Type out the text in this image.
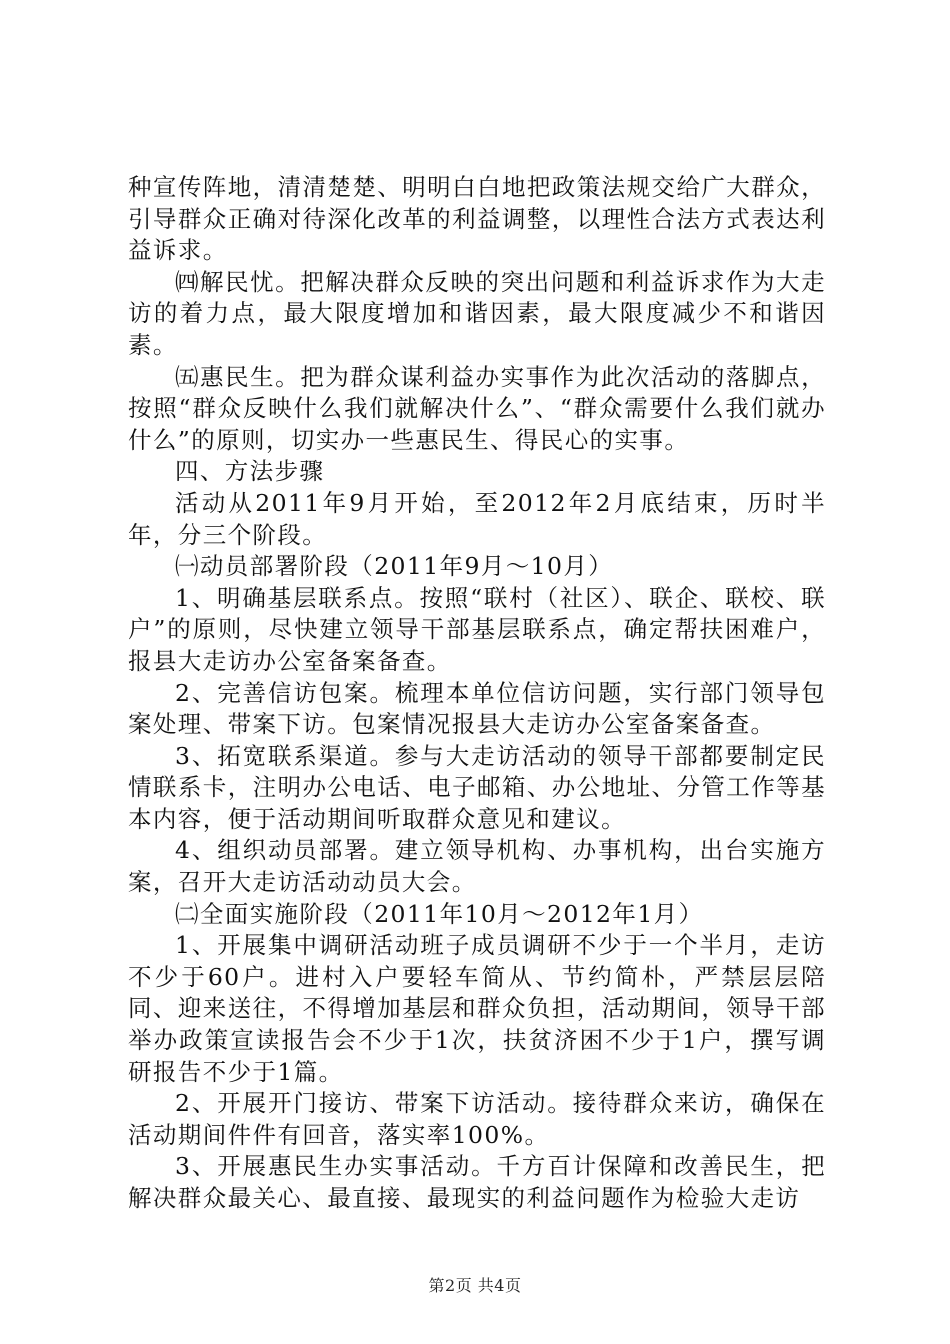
种宣传阵地，清清楚楚、明明白白地把政策法规交给广大群众，引导群众正确对待深化改革的利益调整，以理性合法方式表达利益诉求。

㈣解民忧。把解决群众反映的突出问题和利益诉求作为大走访的着力点，最大限度增加和谐因素，最大限度减少不和谐因素。

㈤惠民生。把为群众谋利益办实事作为此次活动的落脚点，按照“群众反映什么我们就解决什么”、“群众需要什么我们就办什么”的原则，切实办一些惠民生、得民心的实事。

四、方法步骤

活动从2011年9月开始，至2012年2月底结束，历时半年，分三个阶段。

㈠动员部署阶段（2011年9月～10月）

1、明确基层联系点。按照“联村（社区）、联企、联校、联户”的原则，尽快建立领导干部基层联系点，确定帮扶困难户，报县大走访办公室备案备查。

2、完善信访包案。梳理本单位信访问题，实行部门领导包案处理、带案下访。包案情况报县大走访办公室备案备查。

3、拓宽联系渠道。参与大走访活动的领导干部都要制定民情联系卡，注明办公电话、电子邮箱、办公地址、分管工作等基本内容，便于活动期间听取群众意见和建议。

4、组织动员部署。建立领导机构、办事机构，出台实施方案，召开大走访活动动员大会。

㈡全面实施阶段（2011年10月～2012年1月）

1、开展集中调研活动班子成员调研不少于一个半月，走访不少于60户。进村入户要轻车简从、节约简朴，严禁层层陪同、迎来送往，不得增加基层和群众负担，活动期间，领导干部举办政策宣读报告会不少于1次，扶贫济困不少于1户，撰写调研报告不少于1篇。

2、开展开门接访、带案下访活动。接待群众来访，确保在活动期间件件有回音，落实率100%。

3、开展惠民生办实事活动。千方百计保障和改善民生，把解决群众最关心、最直接、最现实的利益问题作为检验大走访

第2页 共4页
